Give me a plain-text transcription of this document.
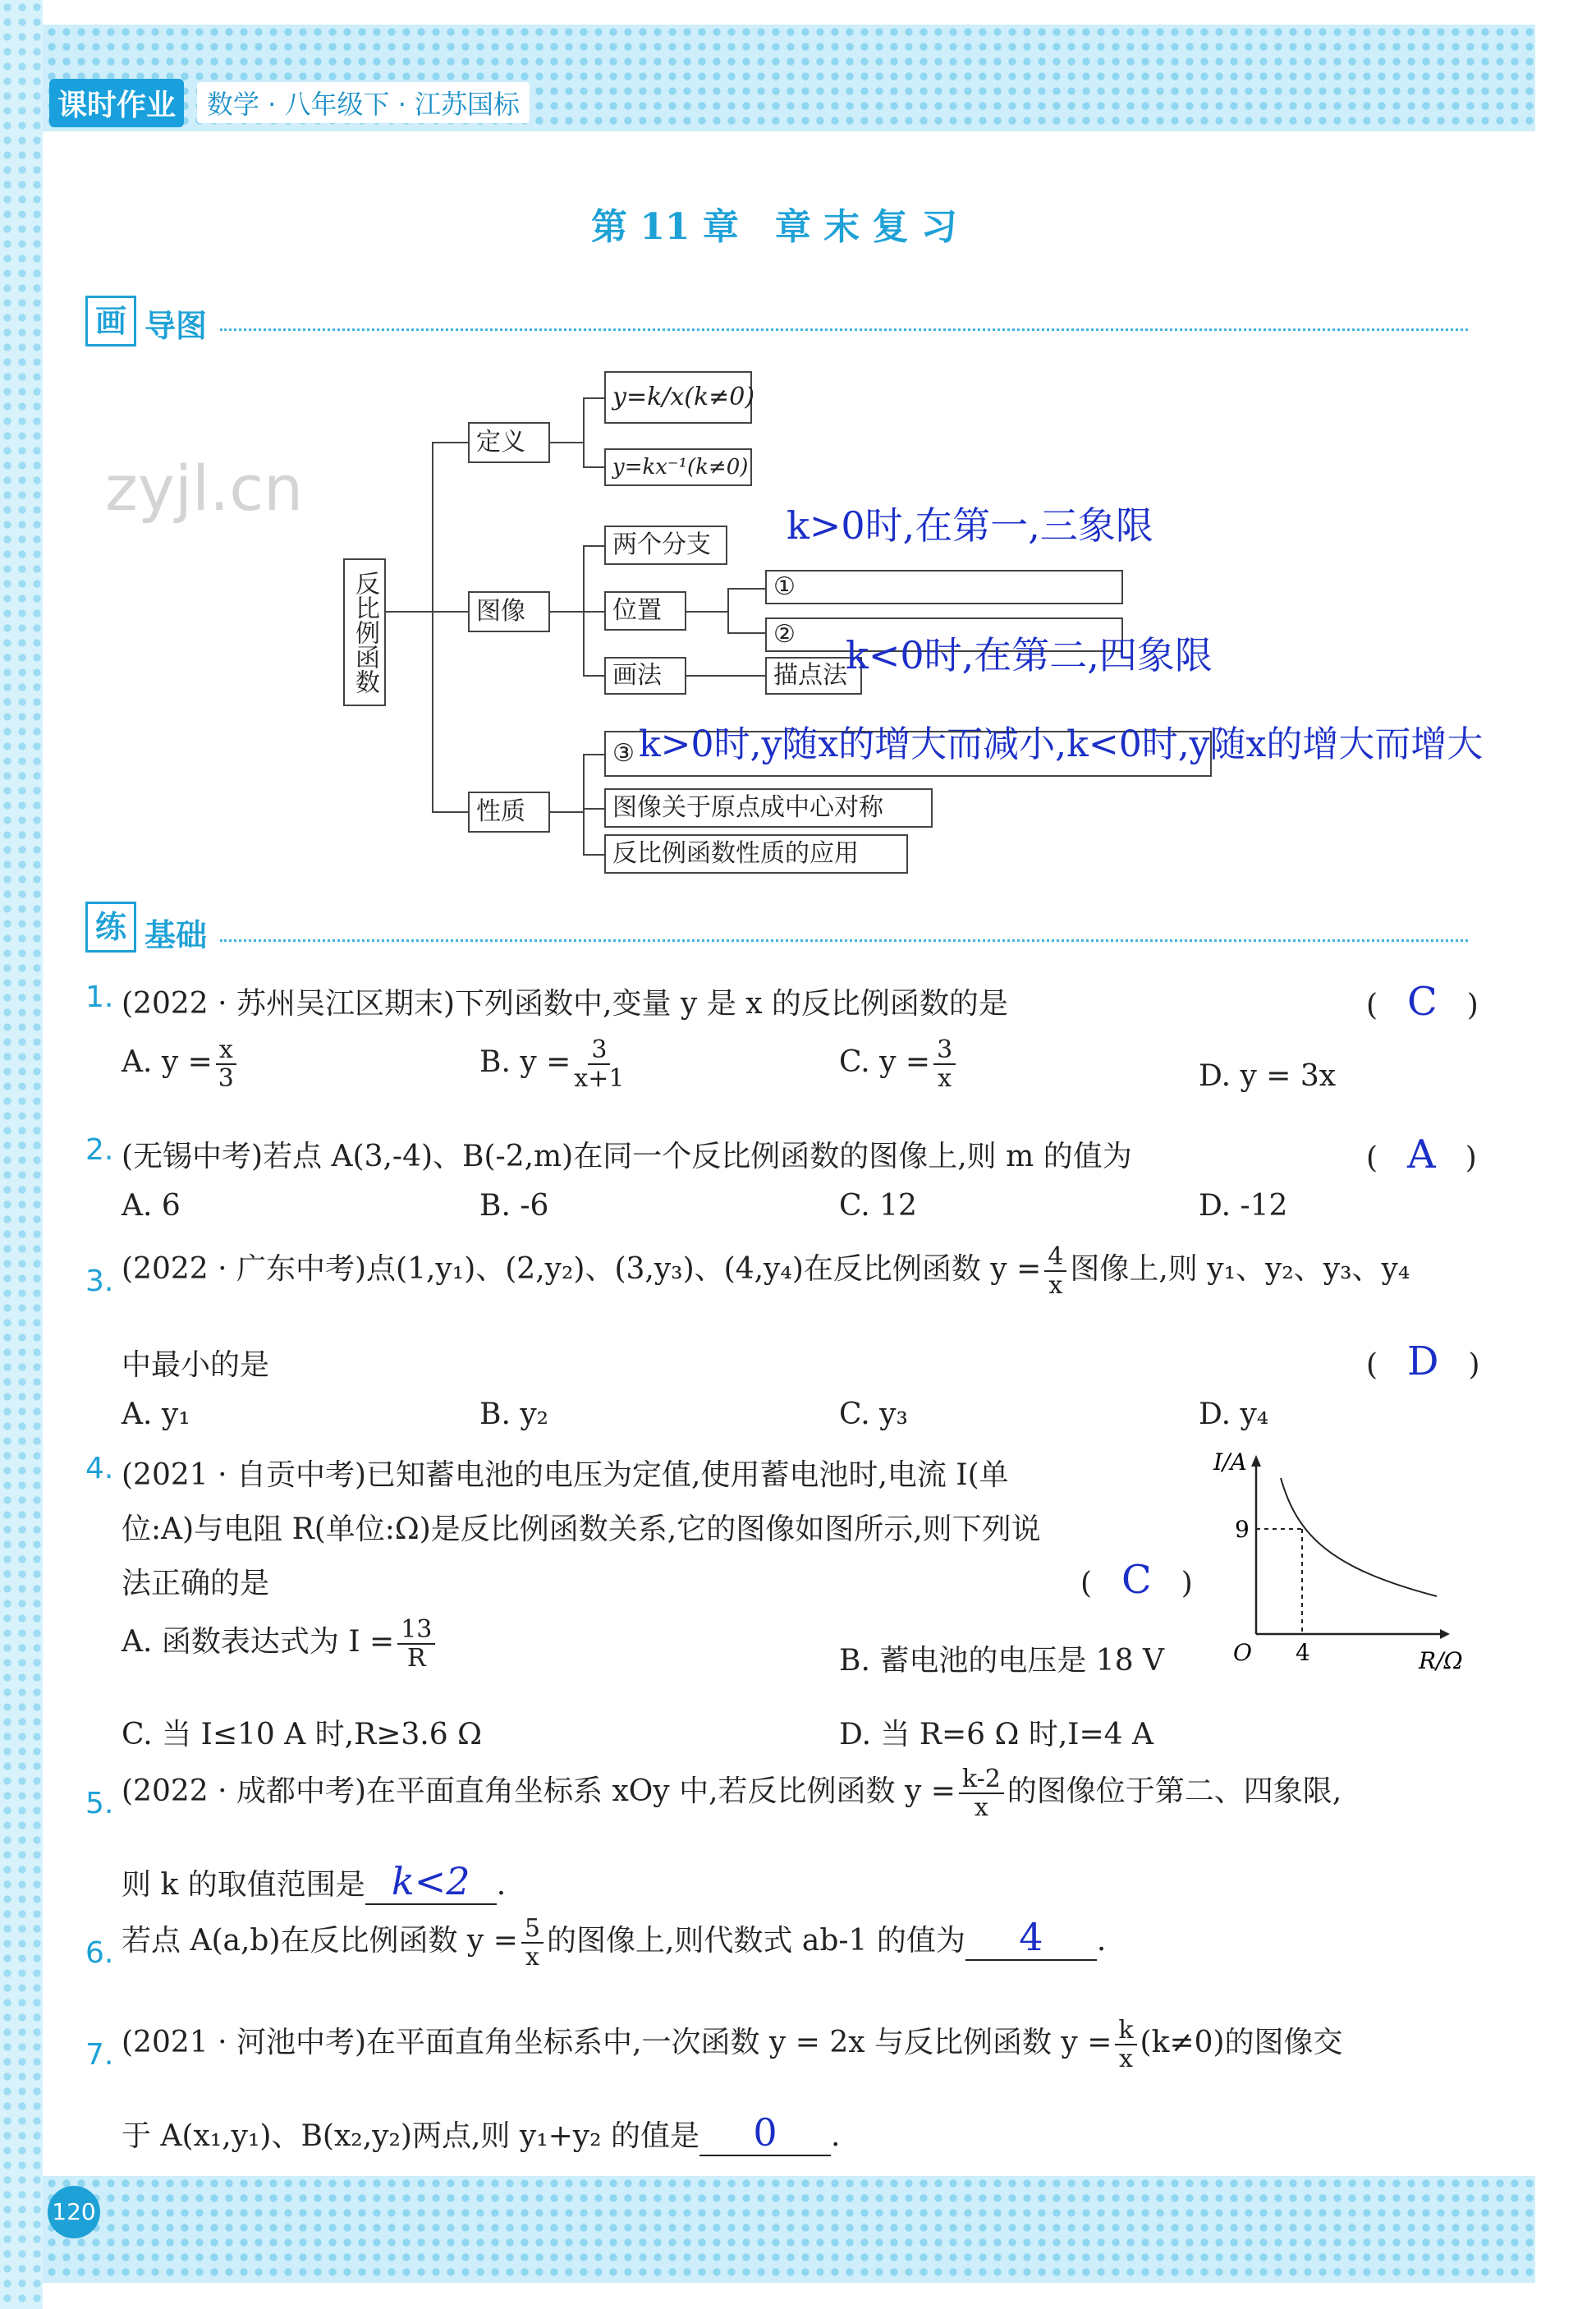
课时作业	数学 · 八年级下 · 江苏国标
第 11 章　章 末 复 习
画 导图
zyjl.cn
反比例函数
定义
y=k/x(k≠0)
y=kx⁻¹(k≠0)
图像
两个分支
位置
①
②
画法	描点法
性质
③
图像关于原点成中心对称
反比例函数性质的应用
k>0时,在第一,三象限
k<0时,在第二,四象限
k>0时,y随x的增大而减小,k<0时,y随x的增大而增大
练 基础
1. (2022 · 苏州吴江区期末)下列函数中,变量 y 是 x 的反比例函数的是	(　C　)
A. $y = \frac{x}{3}$	B. $y = \frac{3}{x+1}$	C. $y = \frac{3}{x}$	D. y = 3x
2. (无锡中考)若点 A(3,-4)、B(-2,m)在同一个反比例函数的图像上,则 m 的值为	(　A　)
A. 6	B. -6	C. 12	D. -12
3. (2022 · 广东中考)点(1,y₁)、(2,y₂)、(3,y₃)、(4,y₄)在反比例函数 $y = \frac{4}{x}$ 图像上,则 y₁、y₂、y₃、y₄
中最小的是	(　D　)
A. y₁	B. y₂	C. y₃	D. y₄
4. (2021 · 自贡中考)已知蓄电池的电压为定值,使用蓄电池时,电流 I(单
位:A)与电阻 R(单位:Ω)是反比例函数关系,它的图像如图所示,则下列说
法正确的是	(　C　)
A. 函数表达式为 $I = \frac{13}{R}$	B. 蓄电池的电压是 18 V
C. 当 I≤10 A 时,R≥3.6 Ω	D. 当 R=6 Ω 时,I=4 A
I/A
R/Ω
O
9
4
5. (2022 · 成都中考)在平面直角坐标系 xOy 中,若反比例函数 $y = \frac{k-2}{x}$ 的图像位于第二、四象限,
则 k 的取值范围是 k<2 .
6. 若点 A(a,b)在反比例函数 $y = \frac{5}{x}$ 的图像上,则代数式 ab-1 的值为 4 .
7. (2021 · 河池中考)在平面直角坐标系中,一次函数 y = 2x 与反比例函数 $y = \frac{k}{x} (k\ne 0)$的图像交
于 A(x₁,y₁)、B(x₂,y₂)两点,则 y₁+y₂ 的值是 0 .
120
